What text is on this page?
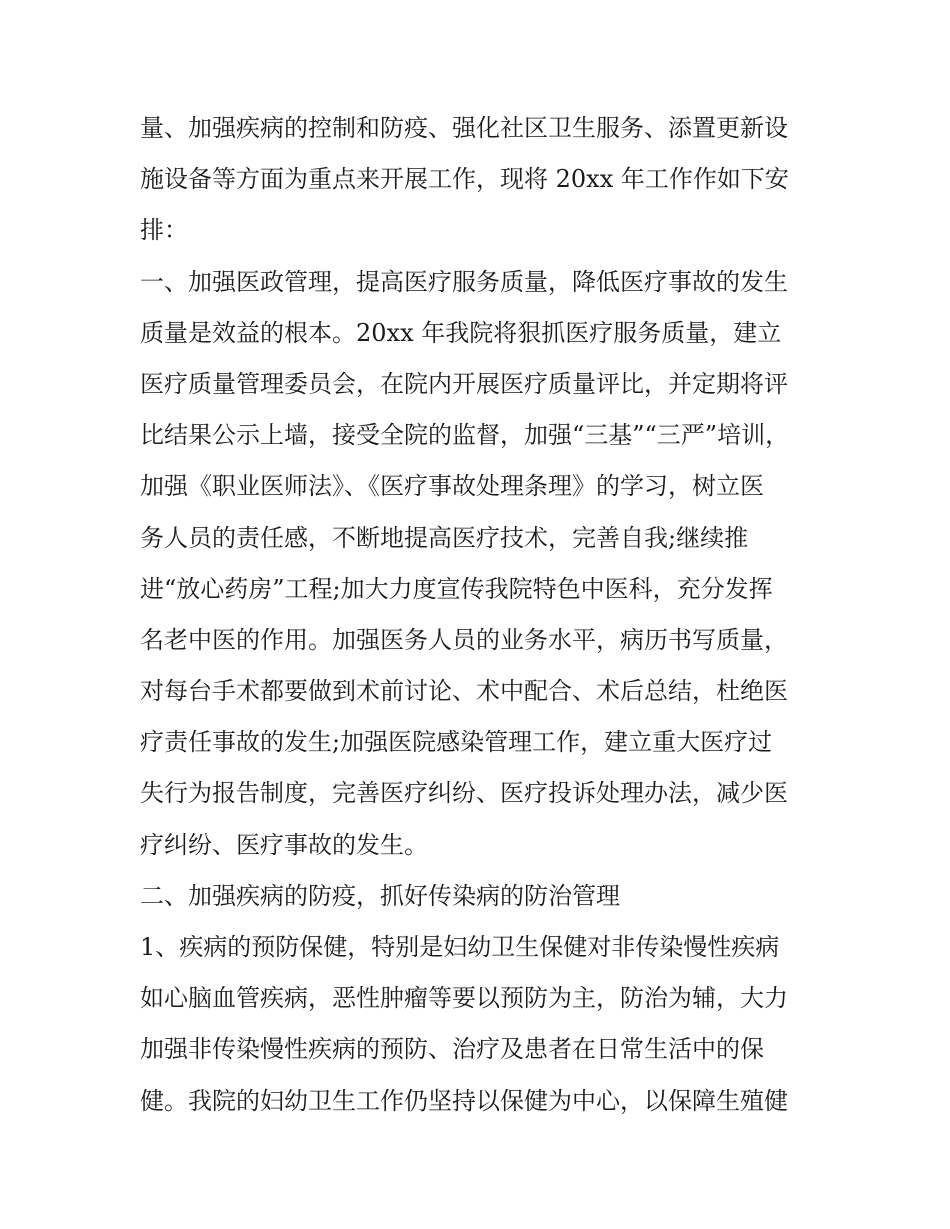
量、加强疾病的控制和防疫、强化社区卫生服务、添置更新设
施设备等方面为重点来开展工作，现将 20xx 年工作作如下安
排：
一、加强医政管理，提高医疗服务质量，降低医疗事故的发生
质量是效益的根本。20xx 年我院将狠抓医疗服务质量，建立
医疗质量管理委员会，在院内开展医疗质量评比，并定期将评
比结果公示上墙，接受全院的监督，加强“三基”“三严”培训，
加强《职业医师法》、《医疗事故处理条理》的学习，树立医
务人员的责任感，不断地提高医疗技术，完善自我;继续推
进“放心药房”工程;加大力度宣传我院特色中医科，充分发挥
名老中医的作用。加强医务人员的业务水平，病历书写质量，
对每台手术都要做到术前讨论、术中配合、术后总结，杜绝医
疗责任事故的发生;加强医院感染管理工作，建立重大医疗过
失行为报告制度，完善医疗纠纷、医疗投诉处理办法，减少医
疗纠纷、医疗事故的发生。
二、加强疾病的防疫，抓好传染病的防治管理
1、疾病的预防保健，特别是妇幼卫生保健对非传染慢性疾病
如心脑血管疾病，恶性肿瘤等要以预防为主，防治为辅，大力
加强非传染慢性疾病的预防、治疗及患者在日常生活中的保
健。我院的妇幼卫生工作仍坚持以保健为中心，以保障生殖健
